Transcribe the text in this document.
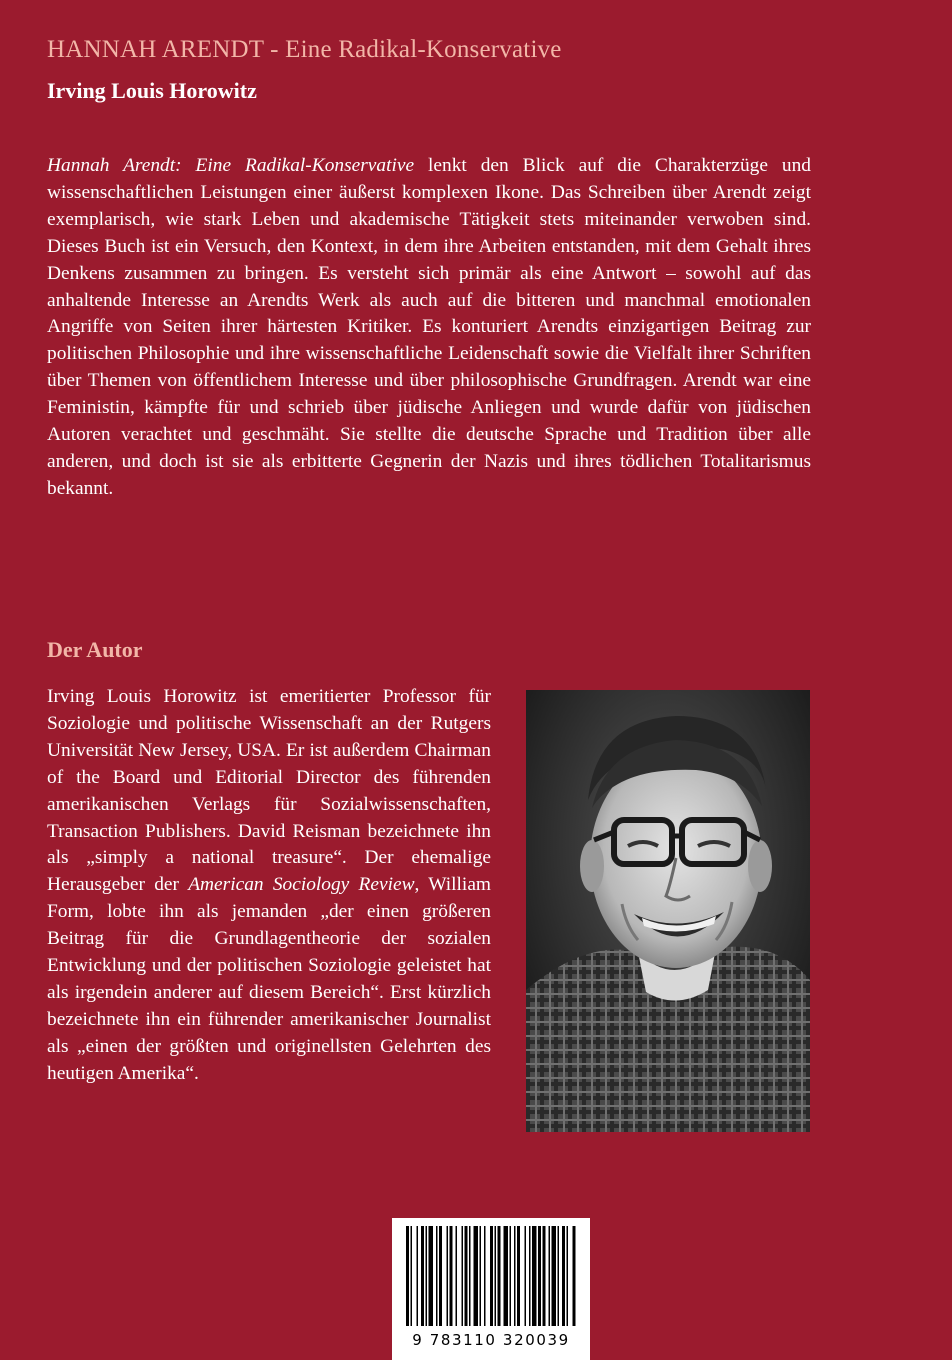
HANNAH ARENDT - Eine Radikal-Konservative
Irving Louis Horowitz

Hannah Arendt: Eine Radikal-Konservative lenkt den Blick auf die Charakterzüge und wissenschaftlichen Leistungen einer äußerst komplexen Ikone. Das Schreiben über Arendt zeigt exemplarisch, wie stark Leben und akademische Tätigkeit stets miteinander verwoben sind. Dieses Buch ist ein Versuch, den Kontext, in dem ihre Arbeiten entstanden, mit dem Gehalt ihres Denkens zusammen zu bringen. Es versteht sich primär als eine Antwort – sowohl auf das anhaltende Interesse an Arendts Werk als auch auf die bitteren und manchmal emotionalen Angriffe von Seiten ihrer härtesten Kritiker. Es konturiert Arendts einzigartigen Beitrag zur politischen Philosophie und ihre wissenschaftliche Leidenschaft sowie die Vielfalt ihrer Schriften über Themen von öffentlichem Interesse und über philosophische Grundfragen. Arendt war eine Feministin, kämpfte für und schrieb über jüdische Anliegen und wurde dafür von jüdischen Autoren verachtet und geschmäht. Sie stellte die deutsche Sprache und Tradition über alle anderen, und doch ist sie als erbitterte Gegnerin der Nazis und ihres tödlichen Totalitarismus bekannt.

Der Autor

Irving Louis Horowitz ist emeritierter Professor für Soziologie und politische Wissenschaft an der Rutgers Universität New Jersey, USA. Er ist außerdem Chairman of the Board und Editorial Director des führenden amerikanischen Verlags für Sozialwissenschaften, Transaction Publishers. David Reisman bezeichnete ihn als „simply a national treasure“. Der ehemalige Herausgeber der American Sociology Review, William Form, lobte ihn als jemanden „der einen größeren Beitrag für die Grundlagentheorie der sozialen Entwicklung und der politischen Soziologie geleistet hat als irgendein anderer auf diesem Bereich“. Erst kürzlich bezeichnete ihn ein führender amerikanischer Journalist als „einen der größten und originellsten Gelehrten des heutigen Amerika“.

9 783110 320039
